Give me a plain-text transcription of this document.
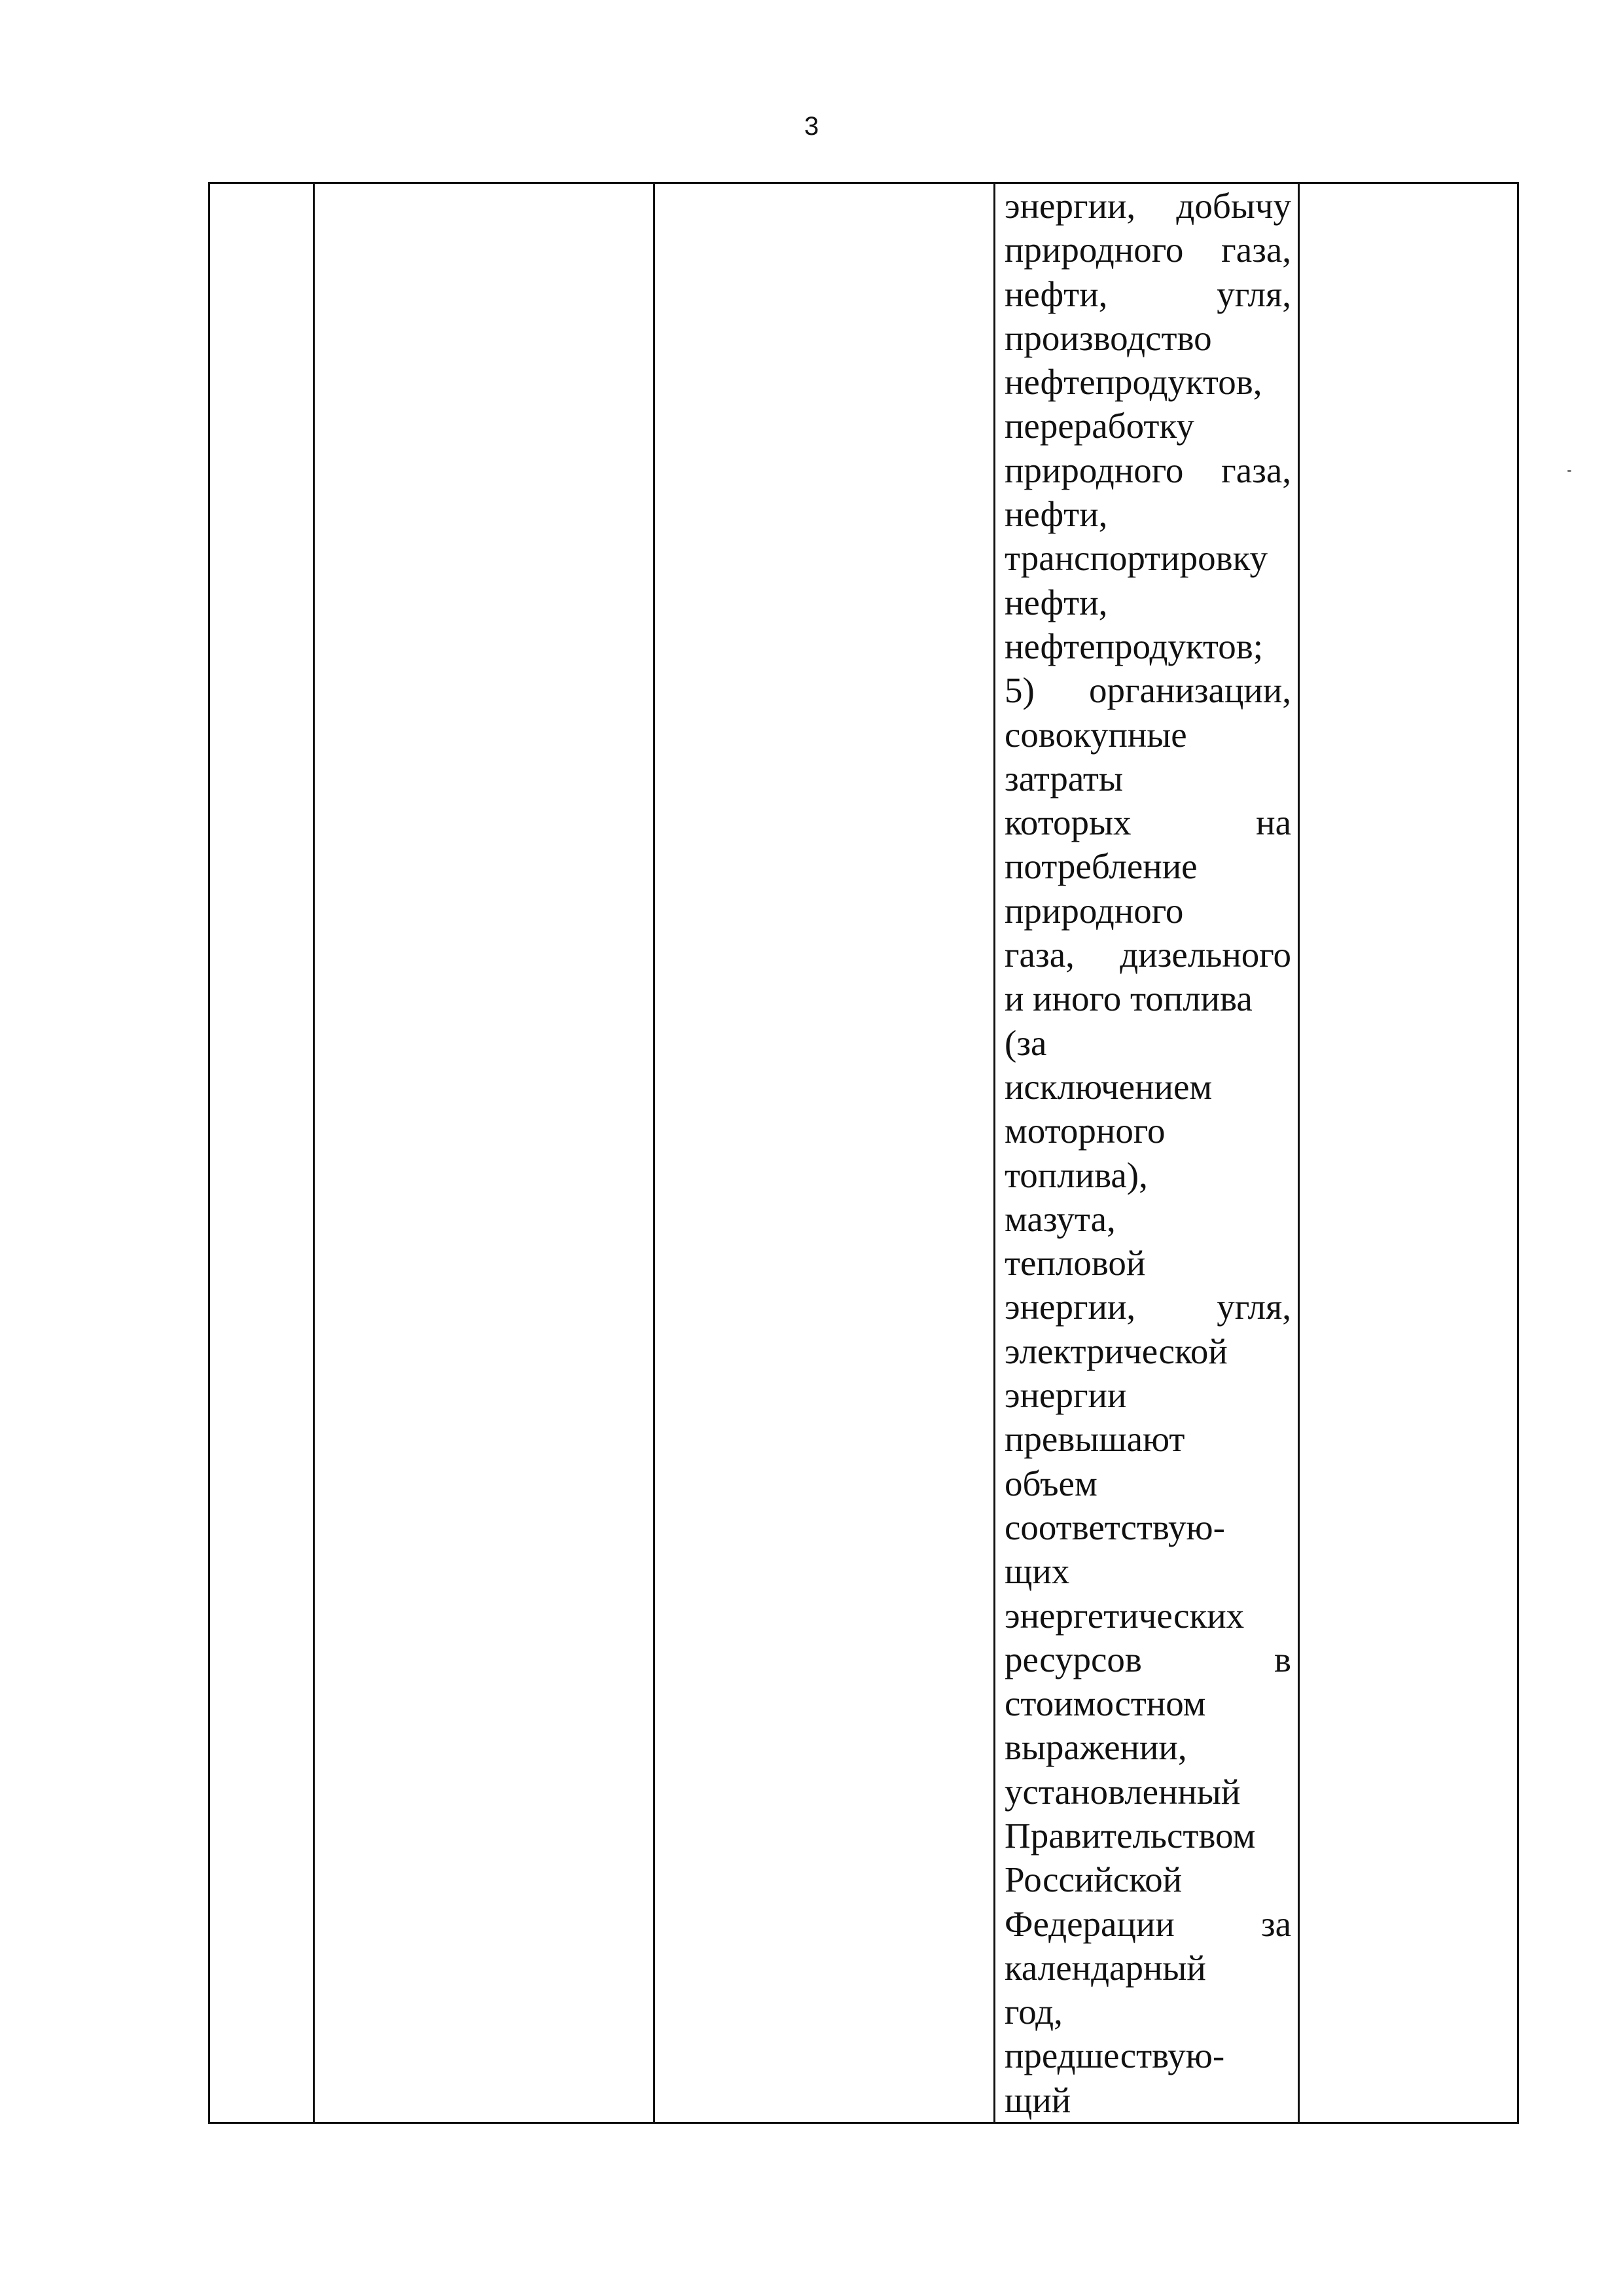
3

энергии, добычу
природного газа,
нефти, угля,
производство
нефтепродуктов,
переработку
природного газа,
нефти,
транспортировку
нефти,
нефтепродуктов;
5) организации,
совокупные
затраты
которых на
потребление
природного
газа, дизельного
и иного топлива
(за
исключением
моторного
топлива),
мазута,
тепловой
энергии, угля,
электрической
энергии
превышают
объем
соответствую-
щих
энергетических
ресурсов в
стоимостном
выражении,
установленный
Правительством
Российской
Федерации за
календарный
год,
предшествую-
щий
